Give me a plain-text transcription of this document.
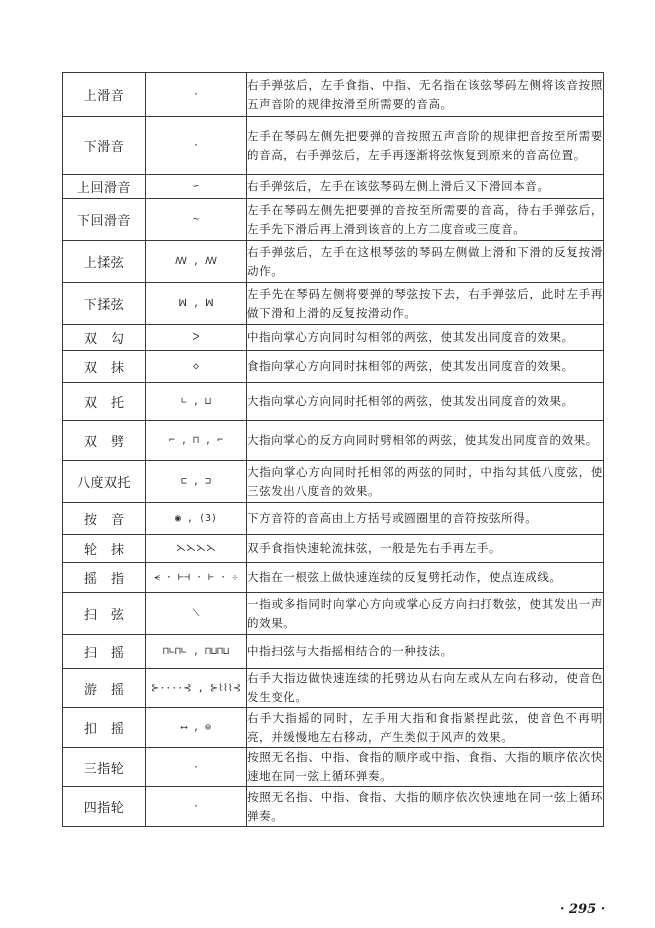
上滑音	·	右手弹弦后，左手食指、中指、无名指在该弦琴码左侧将该音按照五声音阶的规律按滑至所需要的音高。
下滑音	·	左手在琴码左侧先把要弹的音按照五声音阶的规律把音按至所需要的音高，右手弹弦后，左手再逐渐将弦恢复到原来的音高位置。
上回滑音	∽	右手弹弦后，左手在该弦琴码左侧上滑后又下滑回本音。
下回滑音	∼	左手在琴码左侧先把要弹的音按至所需要的音高，待右手弹弦后，左手先下滑后再上滑到该音的上方二度音或三度音。
上揉弦	ꟿ , ꟿ	右手弹弦后，左手在这根琴弦的琴码左侧做上滑和下滑的反复按滑动作。
下揉弦	ꟽ , ꟽ	左手先在琴码左侧将要弹的琴弦按下去，右手弹弦后，此时左手再做下滑和上滑的反复按滑动作。
双勾	ᐳ	中指向掌心方向同时勾相邻的两弦，使其发出同度音的效果。
双抹	◇	食指向掌心方向同时抹相邻的两弦，使其发出同度音的效果。
双托	∟ , ⊔	大指向掌心方向同时托相邻的两弦，使其发出同度音的效果。
双劈	⌐ , ⊓ , ⌐	大指向掌心的反方向同时劈相邻的两弦，使其发出同度音的效果。
八度双托	⊏ , ⊐	大指向掌心方向同时托相邻的两弦的同时，中指勾其低八度弦，使三弦发出八度音的效果。
按音	◉ , (3)	下方音符的音高由上方括号或圆圈里的音符按弦所得。
轮抹	⋋⋋⋋⋋	双手食指快速轮流抹弦，一般是先右手再左手。
摇指	⪪ · ⊢⊣ · ⊢ · ⊹	大指在一根弦上做快速连续的反复劈托动作，使点连成线。
扫弦	⟍	一指或多指同时向掌心方向或掌心反方向扫打数弦，使其发出一声的效果。
扫摇	⊓∟⊓∟ , ⊓⊔⊓⊔	中指扫弦与大指摇相结合的一种技法。
游摇	⊱····⊰ , ⊱⌇⌇⌇⊰	右手大指边做快速连续的托劈边从右向左或从左向右移动，使音色发生变化。
扣摇	⟷ , ⊜	右手大指摇的同时，左手用大指和食指紧捏此弦，使音色不再明亮，并缓慢地左右移动，产生类似于风声的效果。
三指轮	·	按照无名指、中指、食指的顺序或中指、食指、大指的顺序依次快速地在同一弦上循环弹奏。
四指轮	·	按照无名指、中指、食指、大指的顺序依次快速地在同一弦上循环弹奏。
· 295 ·
